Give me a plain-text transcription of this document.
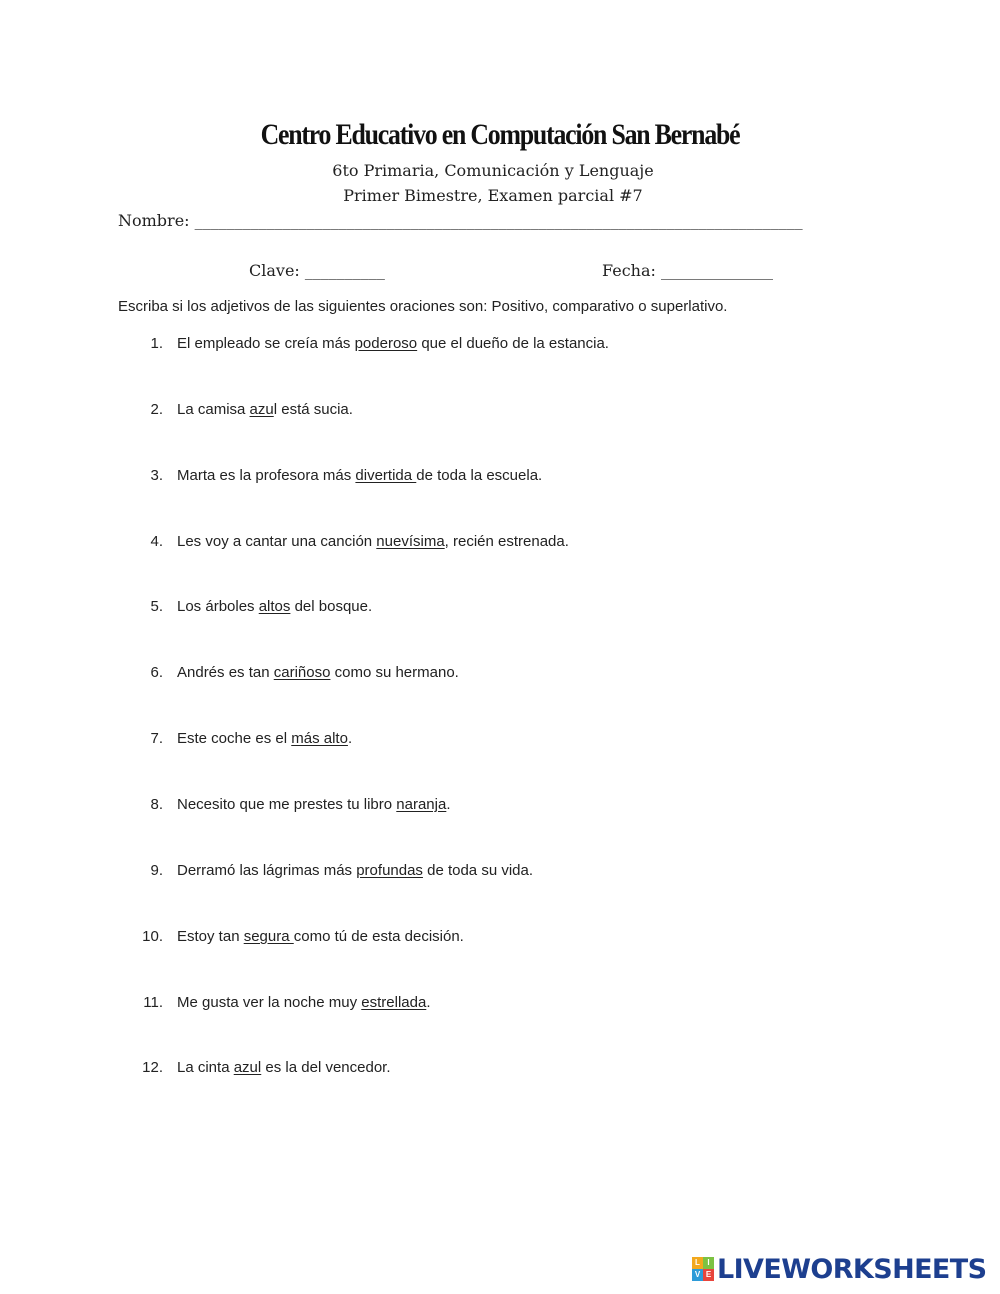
Centro Educativo en Computación San Bernabé
6to Primaria, Comunicación y Lenguaje
Primer Bimestre, Examen parcial #7
Nombre: ____________________________________________________________________________
Clave: __________	Fecha: ______________
Escriba si los adjetivos de las siguientes oraciones son: Positivo, comparativo o superlativo.
1. El empleado se creía más poderoso que el dueño de la estancia.
2. La camisa azul está sucia.
3. Marta es la profesora más divertida de toda la escuela.
4. Les voy a cantar una canción nuevísima, recién estrenada.
5. Los árboles altos del bosque.
6. Andrés es tan cariñoso como su hermano.
7. Este coche es el más alto.
8. Necesito que me prestes tu libro naranja.
9. Derramó las lágrimas más profundas de toda su vida.
10. Estoy tan segura como tú de esta decisión.
11. Me gusta ver la noche muy estrellada.
12. La cinta azul es la del vencedor.
L I
V E LIVEWORKSHEETS
